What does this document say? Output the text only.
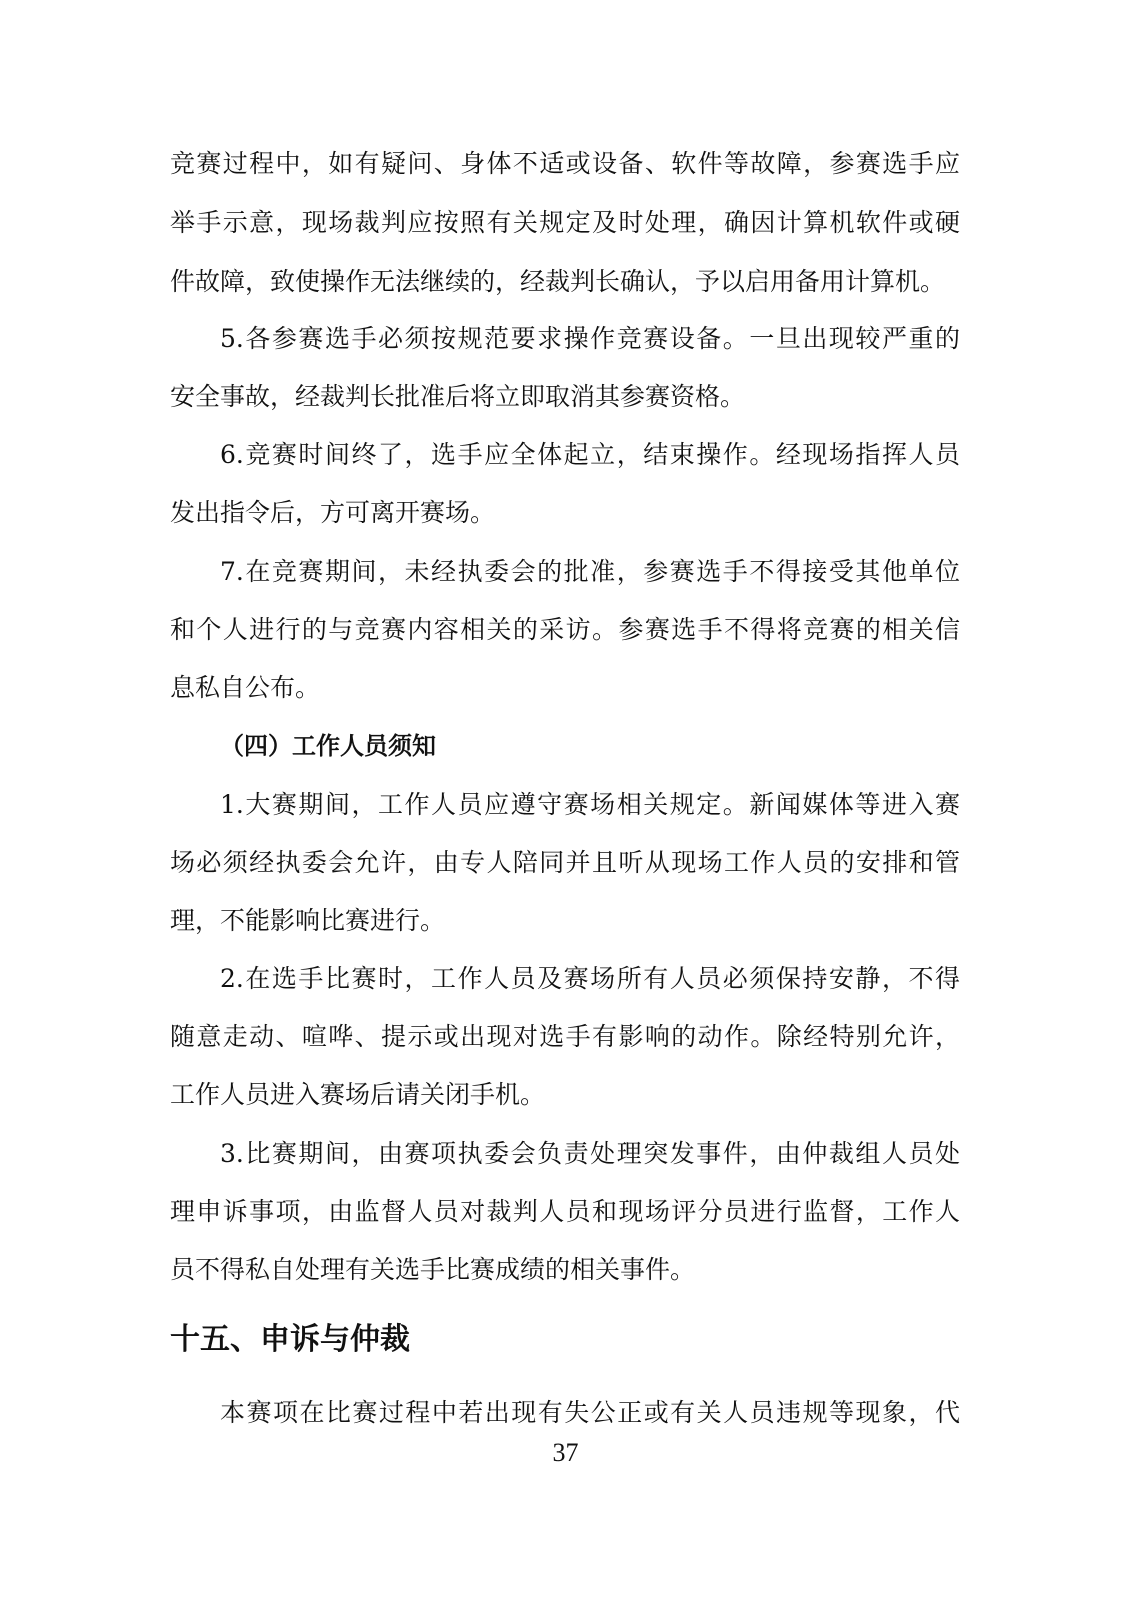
竞赛过程中，如有疑问、身体不适或设备、软件等故障，参赛选手应
举手示意，现场裁判应按照有关规定及时处理，确因计算机软件或硬
件故障，致使操作无法继续的，经裁判长确认，予以启用备用计算机。
5.各参赛选手必须按规范要求操作竞赛设备。一旦出现较严重的
安全事故，经裁判长批准后将立即取消其参赛资格。
6.竞赛时间终了，选手应全体起立，结束操作。经现场指挥人员
发出指令后，方可离开赛场。
7.在竞赛期间，未经执委会的批准，参赛选手不得接受其他单位
和个人进行的与竞赛内容相关的采访。参赛选手不得将竞赛的相关信
息私自公布。
（四）工作人员须知
1.大赛期间，工作人员应遵守赛场相关规定。新闻媒体等进入赛
场必须经执委会允许，由专人陪同并且听从现场工作人员的安排和管
理，不能影响比赛进行。
2.在选手比赛时，工作人员及赛场所有人员必须保持安静，不得
随意走动、喧哗、提示或出现对选手有影响的动作。除经特别允许，
工作人员进入赛场后请关闭手机。
3.比赛期间，由赛项执委会负责处理突发事件，由仲裁组人员处
理申诉事项，由监督人员对裁判人员和现场评分员进行监督，工作人
员不得私自处理有关选手比赛成绩的相关事件。
十五、申诉与仲裁
本赛项在比赛过程中若出现有失公正或有关人员违规等现象，代
37
